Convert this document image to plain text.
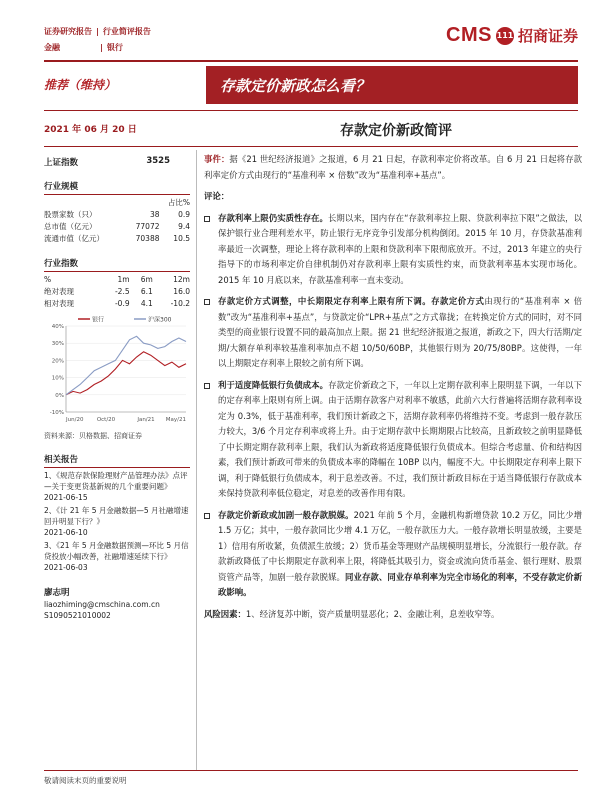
证券研究报告 | 行业简评报告
金融	| 银行
CMS 111 招商证券
推荐（维持）	存款定价新政怎么看？
2021 年 06 月 20 日	存款定价新政简评
上证指数	3525
行业规模
		占比%
股票家数（只）	38	0.9
总市值（亿元）	77072	9.4
流通市值（亿元）	70388	10.5
行业指数
%	1m	6m	12m
绝对表现	-2.5	6.1	16.0
相对表现	-0.9	4.1	-10.2
银行	沪深300
40%
30%
20%
10%
0%
-10%
Jun/20 Oct/20	Jan/21 May/21
资料来源：贝格数据、招商证券
相关报告
1、《规范存款保险理财产品管理办法》点评—关于变更货基新规的几个重要问题》
2021-06-15
2、《计 21 年 5 月金融数据—5 月社融增速回升明显下行？》
2021-06-10
3、《21 年 5 月金融数据预测—环比 5 月信贷投放小幅改善，社融增速延续下行》
2021-06-03
廖志明
liaozhiming@cmschina.com.cn
S1090521010002

事件：据《21 世纪经济报道》之报道，6 月 21 日起，存款利率定价将改革。自 6 月 21 日起将存款利率定价方式由现行的“基准利率 × 倍数”改为“基准利率+基点”。

评论：
存款利率上限仍实质性存在。长期以来，国内存在“存款利率拉上限、贷款利率拉下限”之做法，以保护银行业合理利差水平，防止银行无序竞争引发部分机构倒闭。2015 年 10 月，存贷款基准利率最近一次调整，理论上将存款利率的上限和贷款利率下限彻底放开。不过，2013 年建立的央行指导下的市场利率定价自律机制仍对存款利率上限有实质性约束，而贷款利率基本实现市场化。2015 年 10 月底以来，存款基准利率一直未变动。
存款定价方式调整，中长期限定存利率上限有所下调。存款定价方式由现行的“基准利率 × 倍数”改为“基准利率+基点”，与贷款定价“LPR+基点”之方式靠拢；在转换定价方式的同时，对不同类型的商业银行设置不同的最高加点上限。据 21 世纪经济报道之报道，新政之下，四大行活期/定期/大额存单利率较基准利率加点不超 10/50/60BP，其他银行则为 20/75/80BP。这使得，一年以上期限定存利率上限较之前有所下调。
利于适度降低银行负债成本。存款定价新政之下，一年以上定期存款利率上限明显下调，一年以下的定存利率上限则有所上调。由于活期存款客户对利率不敏感，此前六大行普遍将活期存款利率设定为 0.3%，低于基准利率，我们预计新政之下，活期存款利率仍将维持不变。考虑到一般存款压力较大，3/6 个月定存利率或将上升。由于定期存款中长期期限占比较高，且新政较之前明显降低了中长期定期存款利率上限，我们认为新政将适度降低银行负债成本。但综合考虑量、价和结构因素，我们预计新政可带来的负债成本率的降幅在 10BP 以内，幅度不大。中长期限定存利率上限下调，利于降低银行负债成本，利于息差改善。不过，我们预计新政目标在于适当降低银行存款成本来保持贷款利率低位稳定，对息差的改善作用有限。
存款定价新政或加剧一般存款脱媒。2021 年前 5 个月，金融机构新增贷款 10.2 万亿，同比少增 1.5 万亿；其中，一般存款同比少增 4.1 万亿，一般存款压力大。一般存款增长明显放缓，主要是 1）信用有所收紧，负债派生放缓；2）货币基金等理财产品规模明显增长，分流银行一般存款。存款新政降低了中长期限定存款利率上限，将降低其吸引力，资金或流向货币基金、银行理财、股票资管产品等，加剧一般存款脱媒。同业存款、同业存单利率为完全市场化的利率，不受存款定价新政影响。

风险因素：1、经济复苏中断，资产质量明显恶化；2、金融让利，息差收窄等。

敬请阅读末页的重要说明
